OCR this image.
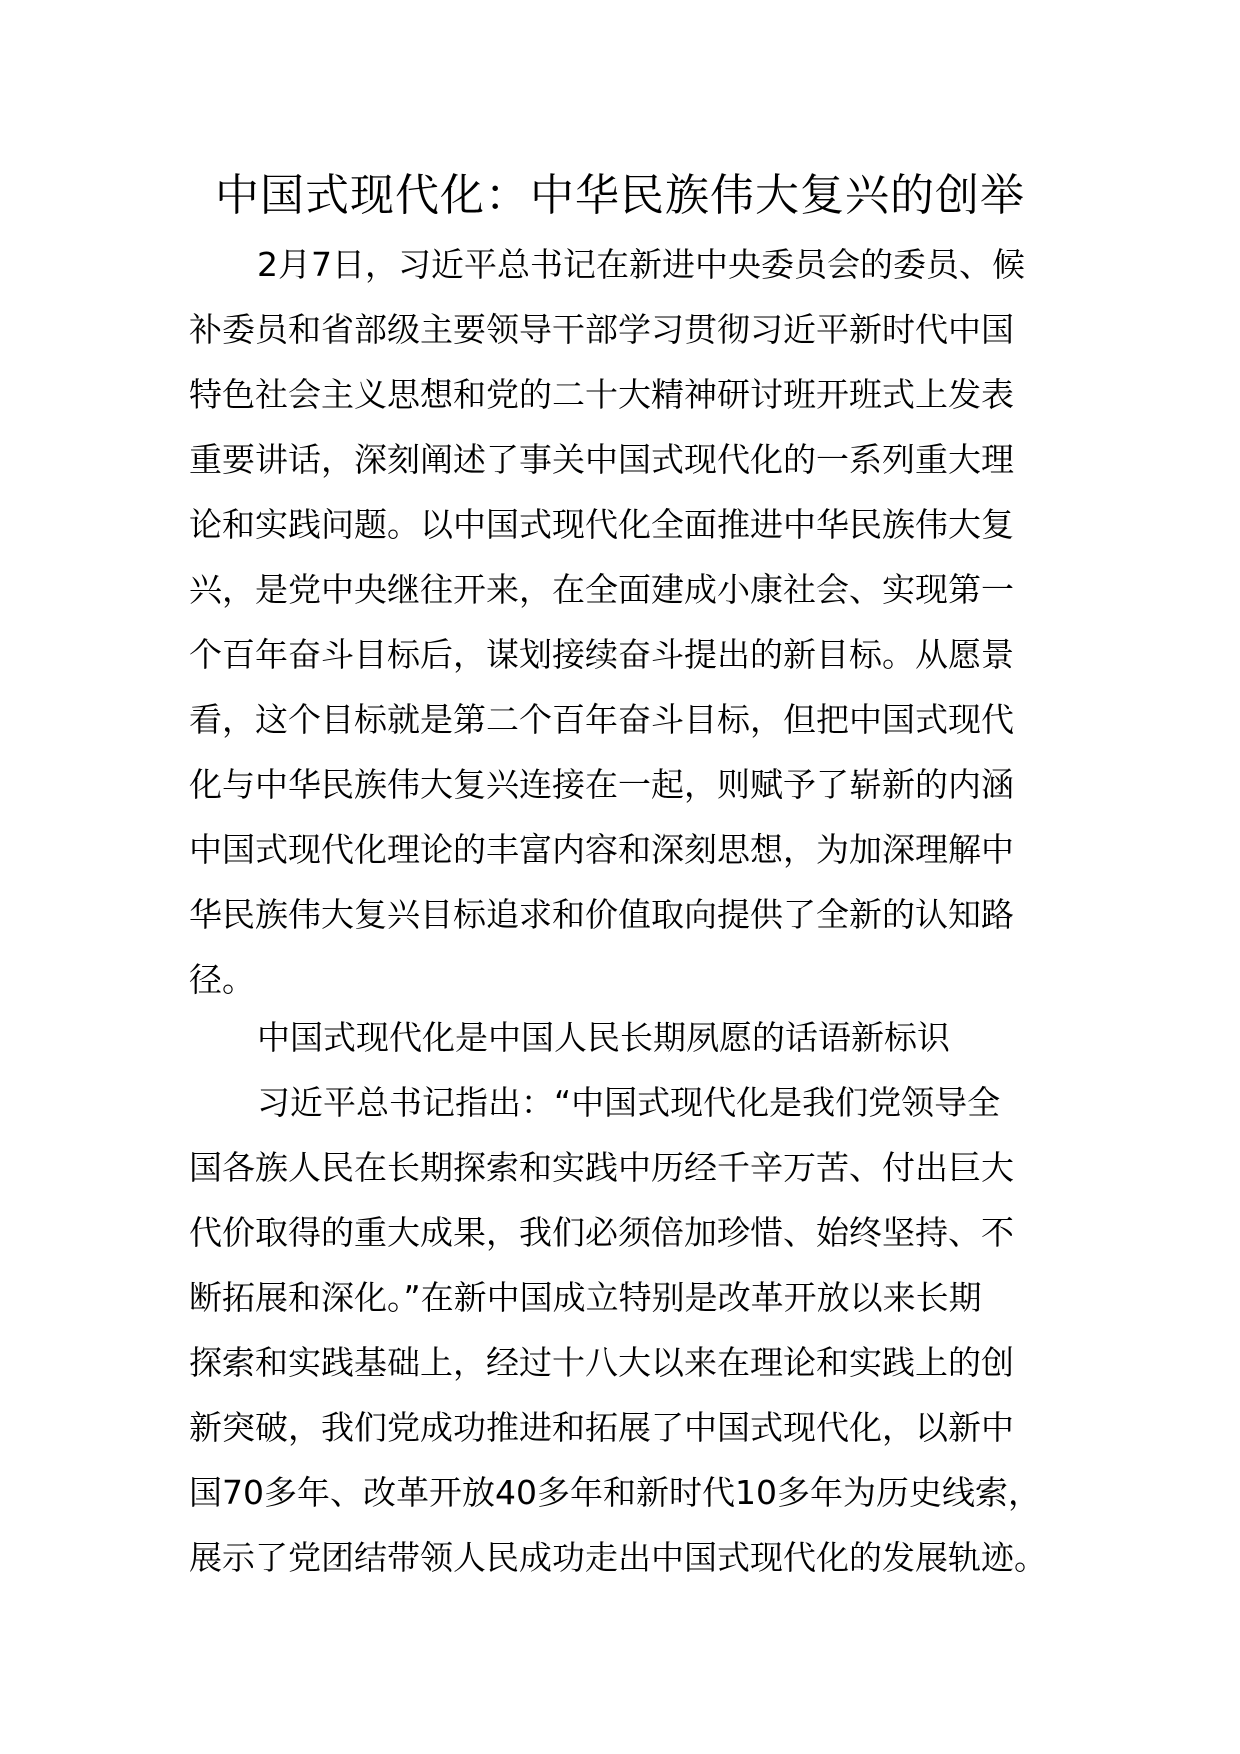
中国式现代化：中华民族伟大复兴的创举
2月7日，习近平总书记在新进中央委员会的委员、候
补委员和省部级主要领导干部学习贯彻习近平新时代中国
特色社会主义思想和党的二十大精神研讨班开班式上发表
重要讲话，深刻阐述了事关中国式现代化的一系列重大理
论和实践问题。以中国式现代化全面推进中华民族伟大复
兴，是党中央继往开来，在全面建成小康社会、实现第一
个百年奋斗目标后，谋划接续奋斗提出的新目标。从愿景
看，这个目标就是第二个百年奋斗目标，但把中国式现代
化与中华民族伟大复兴连接在一起，则赋予了崭新的内涵
中国式现代化理论的丰富内容和深刻思想，为加深理解中
华民族伟大复兴目标追求和价值取向提供了全新的认知路
径。
中国式现代化是中国人民长期夙愿的话语新标识
习近平总书记指出：“中国式现代化是我们党领导全
国各族人民在长期探索和实践中历经千辛万苦、付出巨大
代价取得的重大成果，我们必须倍加珍惜、始终坚持、不
断拓展和深化。”在新中国成立特别是改革开放以来长期
探索和实践基础上，经过十八大以来在理论和实践上的创
新突破，我们党成功推进和拓展了中国式现代化，以新中
国70多年、改革开放40多年和新时代10多年为历史线索，
展示了党团结带领人民成功走出中国式现代化的发展轨迹。
